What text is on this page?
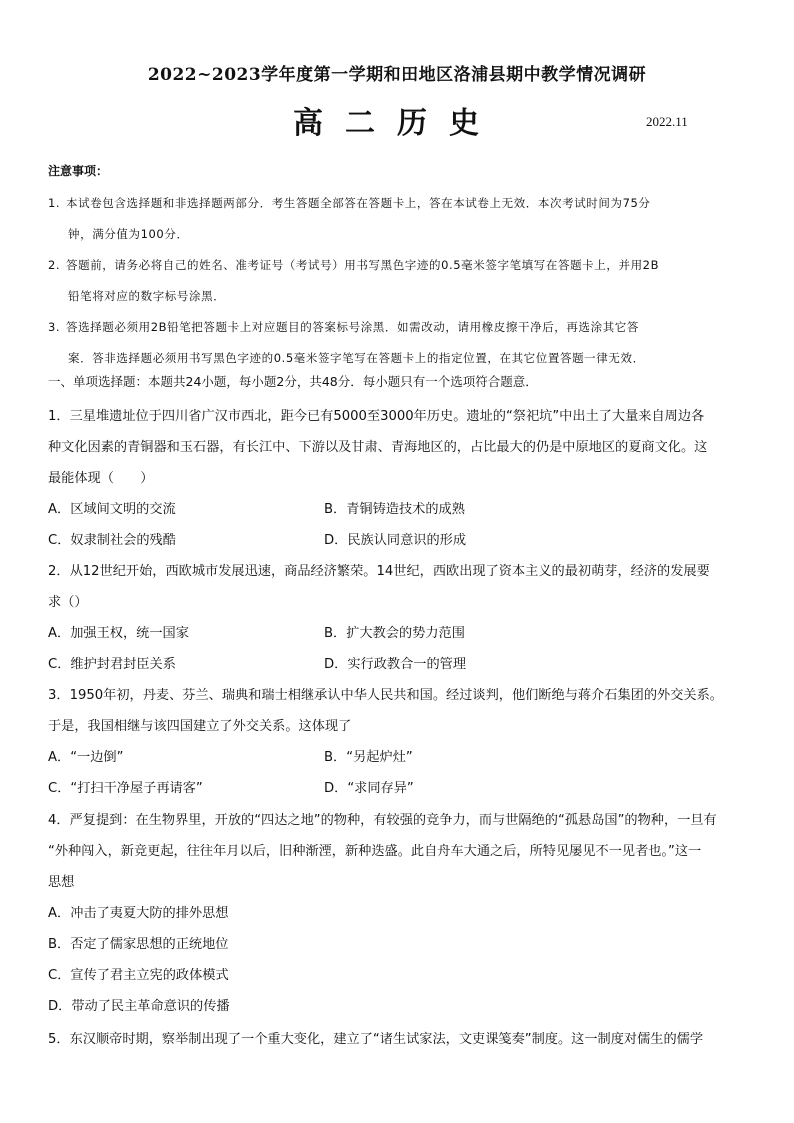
2022~2023学年度第一学期和田地区洛浦县期中教学情况调研
高二历史	2022.11
注意事项：
1. 本试卷包含选择题和非选择题两部分．考生答题全部答在答题卡上，答在本试卷上无效．本次考试时间为75分
钟，满分值为100分．
2. 答题前，请务必将自己的姓名、准考证号（考试号）用书写黑色字迹的0.5毫米签字笔填写在答题卡上，并用2B
铅笔将对应的数字标号涂黑．
3. 答选择题必须用2B铅笔把答题卡上对应题目的答案标号涂黑．如需改动，请用橡皮擦干净后，再选涂其它答
案．答非选择题必须用书写黑色字迹的0.5毫米签字笔写在答题卡上的指定位置，在其它位置答题一律无效．
一、单项选择题：本题共24小题，每小题2分，共48分．每小题只有一个选项符合题意．
1．三星堆遗址位于四川省广汉市西北，距今已有5000至3000年历史。遗址的“祭祀坑”中出土了大量来自周边各
种文化因素的青铜器和玉石器，有长江中、下游以及甘肃、青海地区的，占比最大的仍是中原地区的夏商文化。这
最能体现（　　）
A．区域间文明的交流	B．青铜铸造技术的成熟
C．奴隶制社会的残酷	D．民族认同意识的形成
2．从12世纪开始，西欧城市发展迅速，商品经济繁荣。14世纪，西欧出现了资本主义的最初萌芽，经济的发展要
求（）
A．加强王权，统一国家	B．扩大教会的势力范围
C．维护封君封臣关系	D．实行政教合一的管理
3．1950年初，丹麦、芬兰、瑞典和瑞士相继承认中华人民共和国。经过谈判，他们断绝与蒋介石集团的外交关系。
于是，我国相继与该四国建立了外交关系。这体现了
A．“一边倒”	B．“另起炉灶”
C．“打扫干净屋子再请客”	D．“求同存异”
4．严复提到：在生物界里，开放的“四达之地”的物种，有较强的竞争力，而与世隔绝的“孤悬岛国”的物种，一旦有
“外种闯入，新竞更起，往往年月以后，旧种渐湮，新种迭盛。此自舟车大通之后，所特见屡见不一见者也。”这一
思想
A．冲击了夷夏大防的排外思想
B．否定了儒家思想的正统地位
C．宣传了君主立宪的政体模式
D．带动了民主革命意识的传播
5．东汉顺帝时期，察举制出现了一个重大变化，建立了“诸生试家法，文吏课笺奏”制度。这一制度对儒生的儒学
